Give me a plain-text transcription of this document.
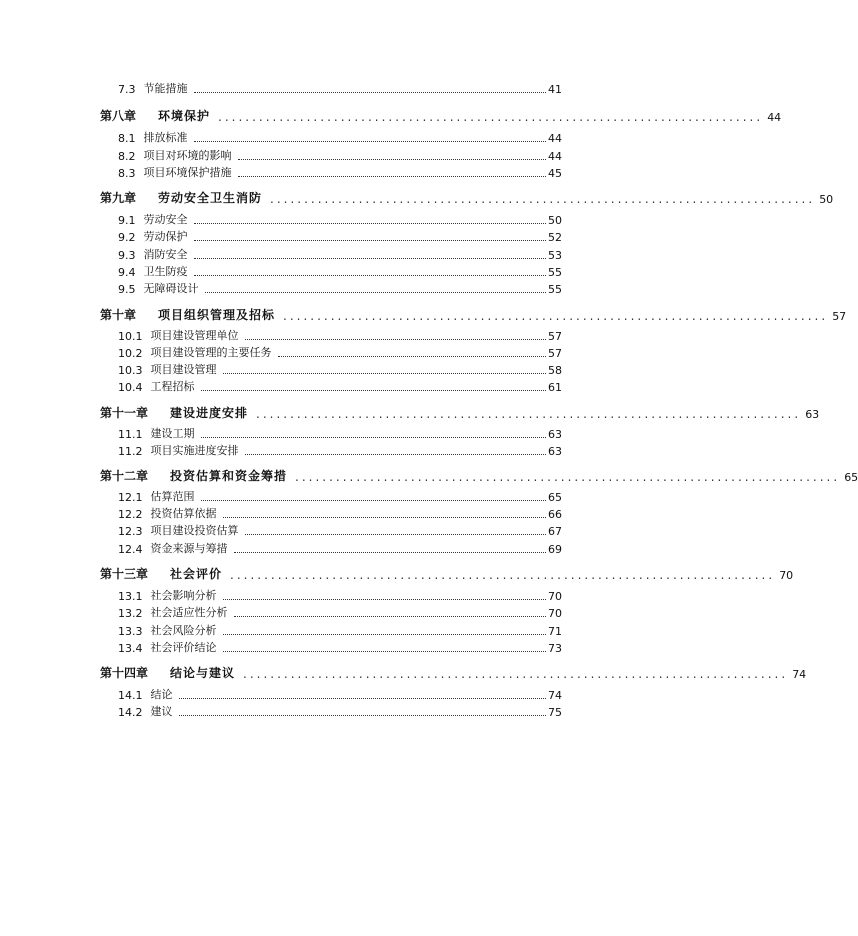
7.3 节能措施	41
第八章 环境保护 ................................................................................ 44
8.1 排放标准	44
8.2 项目对环境的影响	44
8.3 项目环境保护措施	45
第九章 劳动安全卫生消防 ................................................................................ 50
9.1 劳动安全	50
9.2 劳动保护	52
9.3 消防安全	53
9.4 卫生防疫	55
9.5 无障碍设计	55
第十章 项目组织管理及招标 ................................................................................ 57
10.1 项目建设管理单位	57
10.2 项目建设管理的主要任务	57
10.3 项目建设管理	58
10.4 工程招标	61
第十一章 建设进度安排 ................................................................................ 63
11.1 建设工期	63
11.2 项目实施进度安排	63
第十二章 投资估算和资金筹措 ................................................................................ 65
12.1 估算范围	65
12.2 投资估算依据	66
12.3 项目建设投资估算	67
12.4 资金来源与筹措	69
第十三章 社会评价 ................................................................................ 70
13.1 社会影响分析	70
13.2 社会适应性分析	70
13.3 社会风险分析	71
13.4 社会评价结论	73
第十四章 结论与建议 ................................................................................ 74
14.1 结论	74
14.2 建议	75
